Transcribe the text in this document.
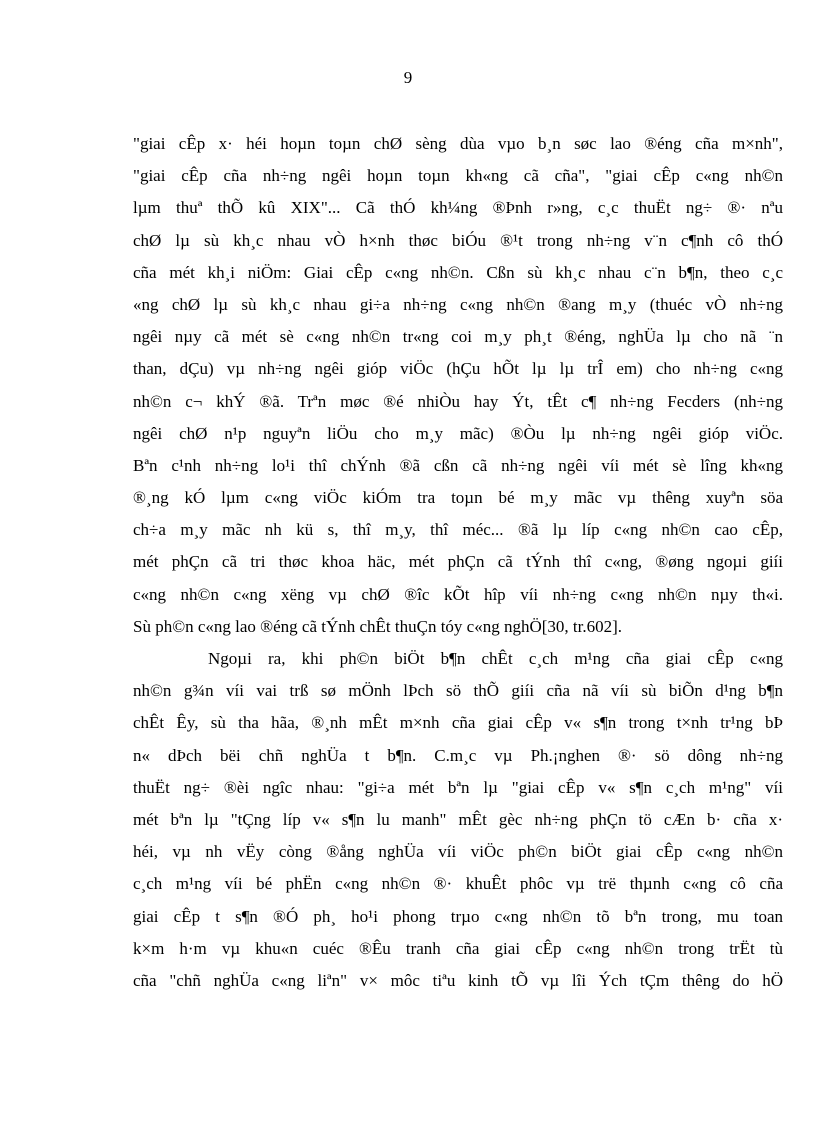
9
"giai cÊp x· héi hoµn toµn chØ sèng dùa vµo b¸n søc lao ®éng cña m×nh",
"giai cÊp cña nh÷ng ngêi hoµn toµn kh«ng cã cña", "giai cÊp c«ng nh©n
lµm thuª thÕ kû XIX"... Cã thÓ kh¼ng ®Þnh r»ng, c¸c thuËt ng÷ ®· nªu
chØ lµ sù kh¸c nhau vÒ h×nh thøc biÓu ®¹t trong nh÷ng v¨n c¶nh cô thÓ
cña mét kh¸i niÖm: Giai cÊp c«ng nh©n. Cßn sù kh¸c nhau c¨n b¶n, theo c¸c
«ng chØ lµ sù kh¸c nhau gi÷a nh÷ng c«ng nh©n ®ang m¸y (thuéc vÒ nh÷ng
ngêi nµy cã mét sè c«ng nh©n tr«ng coi m¸y ph¸t ®éng, nghÜa lµ cho nã ¨n
than, dÇu) vµ nh÷ng ngêi gióp viÖc (hÇu hÕt lµ lµ trÎ em) cho nh÷ng c«ng
nh©n c¬ khÝ ®ã. Trªn møc ®é nhiÒu hay Ýt, tÊt c¶ nh÷ng Fecders (nh÷ng
ngêi chØ n¹p nguyªn liÖu cho m¸y mãc) ®Òu lµ nh÷ng ngêi gióp viÖc.
Bªn c¹nh nh÷ng lo¹i thî chÝnh ®ã cßn cã nh÷ng ngêi víi mét sè lîng kh«ng
®¸ng kÓ lµm c«ng viÖc kiÓm tra toµn bé m¸y mãc vµ thêng xuyªn söa
ch÷a m¸y mãc nh kü s, thî m¸y, thî méc... ®ã lµ líp c«ng nh©n cao cÊp,
mét phÇn cã tri thøc khoa häc, mét phÇn cã tÝnh thî c«ng, ®øng ngoµi giíi
c«ng nh©n c«ng xëng vµ chØ ®îc kÕt hîp víi nh÷ng c«ng nh©n nµy th«i.
Sù ph©n c«ng lao ®éng cã tÝnh chÊt thuÇn tóy c«ng nghÖ[30, tr.602].
Ngoµi ra, khi ph©n biÖt b¶n chÊt c¸ch m¹ng cña giai cÊp c«ng
nh©n g¾n víi vai trß sø mÖnh lÞch sö thÕ giíi cña nã víi sù biÕn d¹ng b¶n
chÊt Êy, sù tha hãa, ®¸nh mÊt m×nh cña giai cÊp v« s¶n trong t×nh tr¹ng bÞ
n« dÞch bëi chñ nghÜa t b¶n. C.m¸c vµ Ph.¡nghen ®· sö dông nh÷ng
thuËt ng÷ ®èi ngîc nhau: "gi÷a mét bªn lµ "giai cÊp v« s¶n c¸ch m¹ng" víi
mét bªn lµ "tÇng líp v« s¶n lu manh" mÊt gèc nh÷ng phÇn tö cÆn b· cña x·
héi, vµ nh vËy còng ®ång nghÜa víi viÖc ph©n biÖt giai cÊp c«ng nh©n
c¸ch m¹ng víi bé phËn c«ng nh©n ®· khuÊt phôc vµ trë thµnh c«ng cô cña
giai cÊp t s¶n ®Ó ph¸ ho¹i phong trµo c«ng nh©n tõ bªn trong, mu toan
k×m h·m vµ khu«n cuéc ®Êu tranh cña giai cÊp c«ng nh©n trong trËt tù
cña "chñ nghÜa c«ng liªn" v× môc tiªu kinh tÕ vµ lîi Ých tÇm thêng do hÖ
